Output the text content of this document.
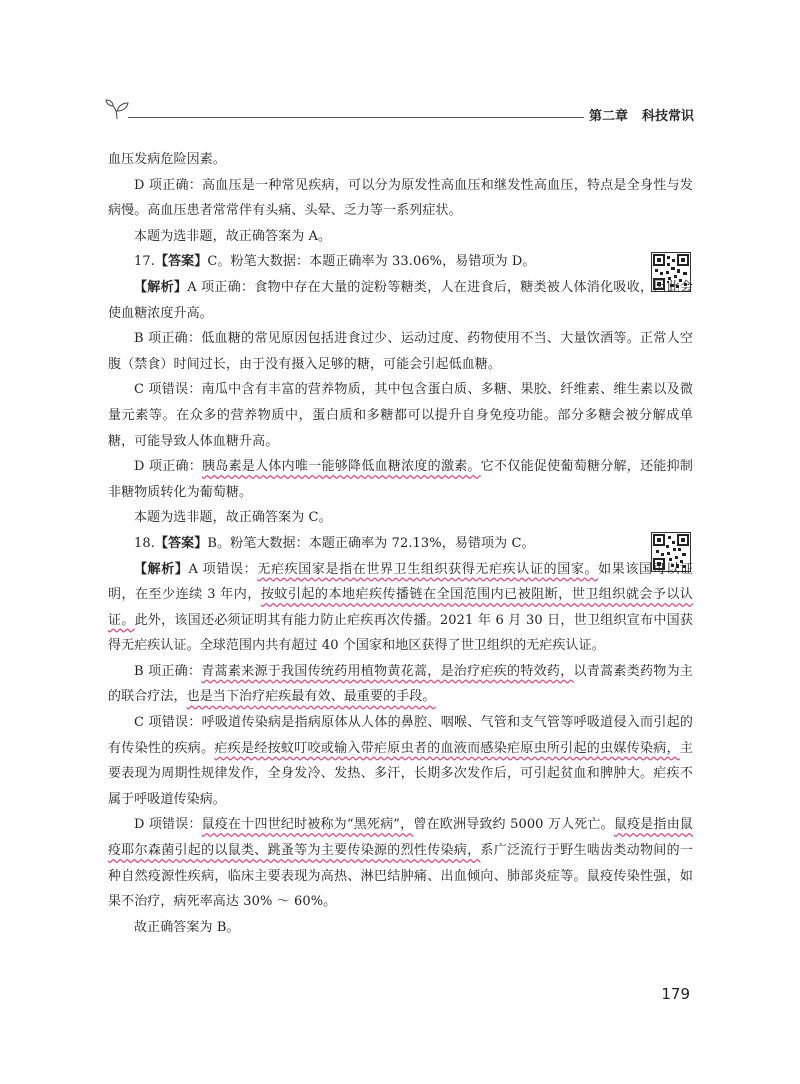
第二章 科技常识

血压发病危险因素。

D 项正确：高血压是一种常见疾病，可以分为原发性高血压和继发性高血压，特点是全身性与发病慢。高血压患者常常伴有头痛、头晕、乏力等一系列症状。

本题为选非题，故正确答案为 A。

17.【答案】C。粉笔大数据：本题正确率为 33.06%，易错项为 D。

【解析】A 项正确：食物中存在大量的淀粉等糖类，人在进食后，糖类被人体消化吸收，因此会使血糖浓度升高。

B 项正确：低血糖的常见原因包括进食过少、运动过度、药物使用不当、大量饮酒等。正常人空腹（禁食）时间过长，由于没有摄入足够的糖，可能会引起低血糖。

C 项错误：南瓜中含有丰富的营养物质，其中包含蛋白质、多糖、果胶、纤维素、维生素以及微量元素等。在众多的营养物质中，蛋白质和多糖都可以提升自身免疫功能。部分多糖会被分解成单糖，可能导致人体血糖升高。

D 项正确：胰岛素是人体内唯一能够降低血糖浓度的激素。它不仅能促使葡萄糖分解，还能抑制非糖物质转化为葡萄糖。

本题为选非题，故正确答案为 C。

18.【答案】B。粉笔大数据：本题正确率为 72.13%，易错项为 C。

【解析】A 项错误：无疟疾国家是指在世界卫生组织获得无疟疾认证的国家。如果该国可以证明，在至少连续 3 年内，按蚊引起的本地疟疾传播链在全国范围内已被阻断，世卫组织就会予以认证。此外，该国还必须证明其有能力防止疟疾再次传播。2021 年 6 月 30 日，世卫组织宣布中国获得无疟疾认证。全球范围内共有超过 40 个国家和地区获得了世卫组织的无疟疾认证。

B 项正确：青蒿素来源于我国传统药用植物黄花蒿，是治疗疟疾的特效药，以青蒿素类药物为主的联合疗法，也是当下治疗疟疾最有效、最重要的手段。

C 项错误：呼吸道传染病是指病原体从人体的鼻腔、咽喉、气管和支气管等呼吸道侵入而引起的有传染性的疾病。疟疾是经按蚊叮咬或输入带疟原虫者的血液而感染疟原虫所引起的虫媒传染病，主要表现为周期性规律发作，全身发冷、发热、多汗，长期多次发作后，可引起贫血和脾肿大。疟疾不属于呼吸道传染病。

D 项错误：鼠疫在十四世纪时被称为“黑死病”，曾在欧洲导致约 5000 万人死亡。鼠疫是指由鼠疫耶尔森菌引起的以鼠类、跳蚤等为主要传染源的烈性传染病，系广泛流行于野生啮齿类动物间的一种自然疫源性疾病，临床主要表现为高热、淋巴结肿痛、出血倾向、肺部炎症等。鼠疫传染性强，如果不治疗，病死率高达 30% ～ 60%。

故正确答案为 B。

179
